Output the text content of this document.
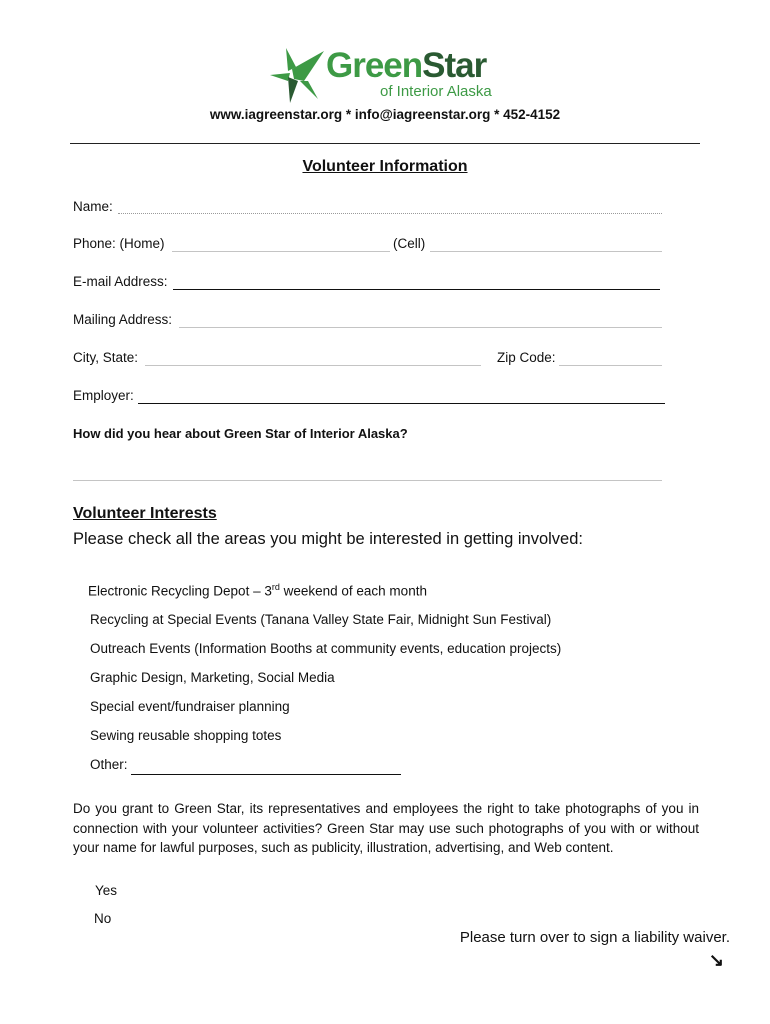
GreenStar
of Interior Alaska
www.iagreenstar.org * info@iagreenstar.org * 452-4152
Volunteer Information
Name:
Phone: (Home)	(Cell)
E-mail Address:
Mailing Address:
City, State:	Zip Code:
Employer:
How did you hear about Green Star of Interior Alaska?
Volunteer Interests
Please check all the areas you might be interested in getting involved:
Electronic Recycling Depot – 3rd weekend of each month
Recycling at Special Events (Tanana Valley State Fair, Midnight Sun Festival)
Outreach Events (Information Booths at community events, education projects)
Graphic Design, Marketing, Social Media
Special event/fundraiser planning
Sewing reusable shopping totes
Other:
Do you grant to Green Star, its representatives and employees the right to take photographs of you in connection with your volunteer activities? Green Star may use such photographs of you with or without your name for lawful purposes, such as publicity, illustration, advertising, and Web content.
Yes
No
Please turn over to sign a liability waiver.
↘
